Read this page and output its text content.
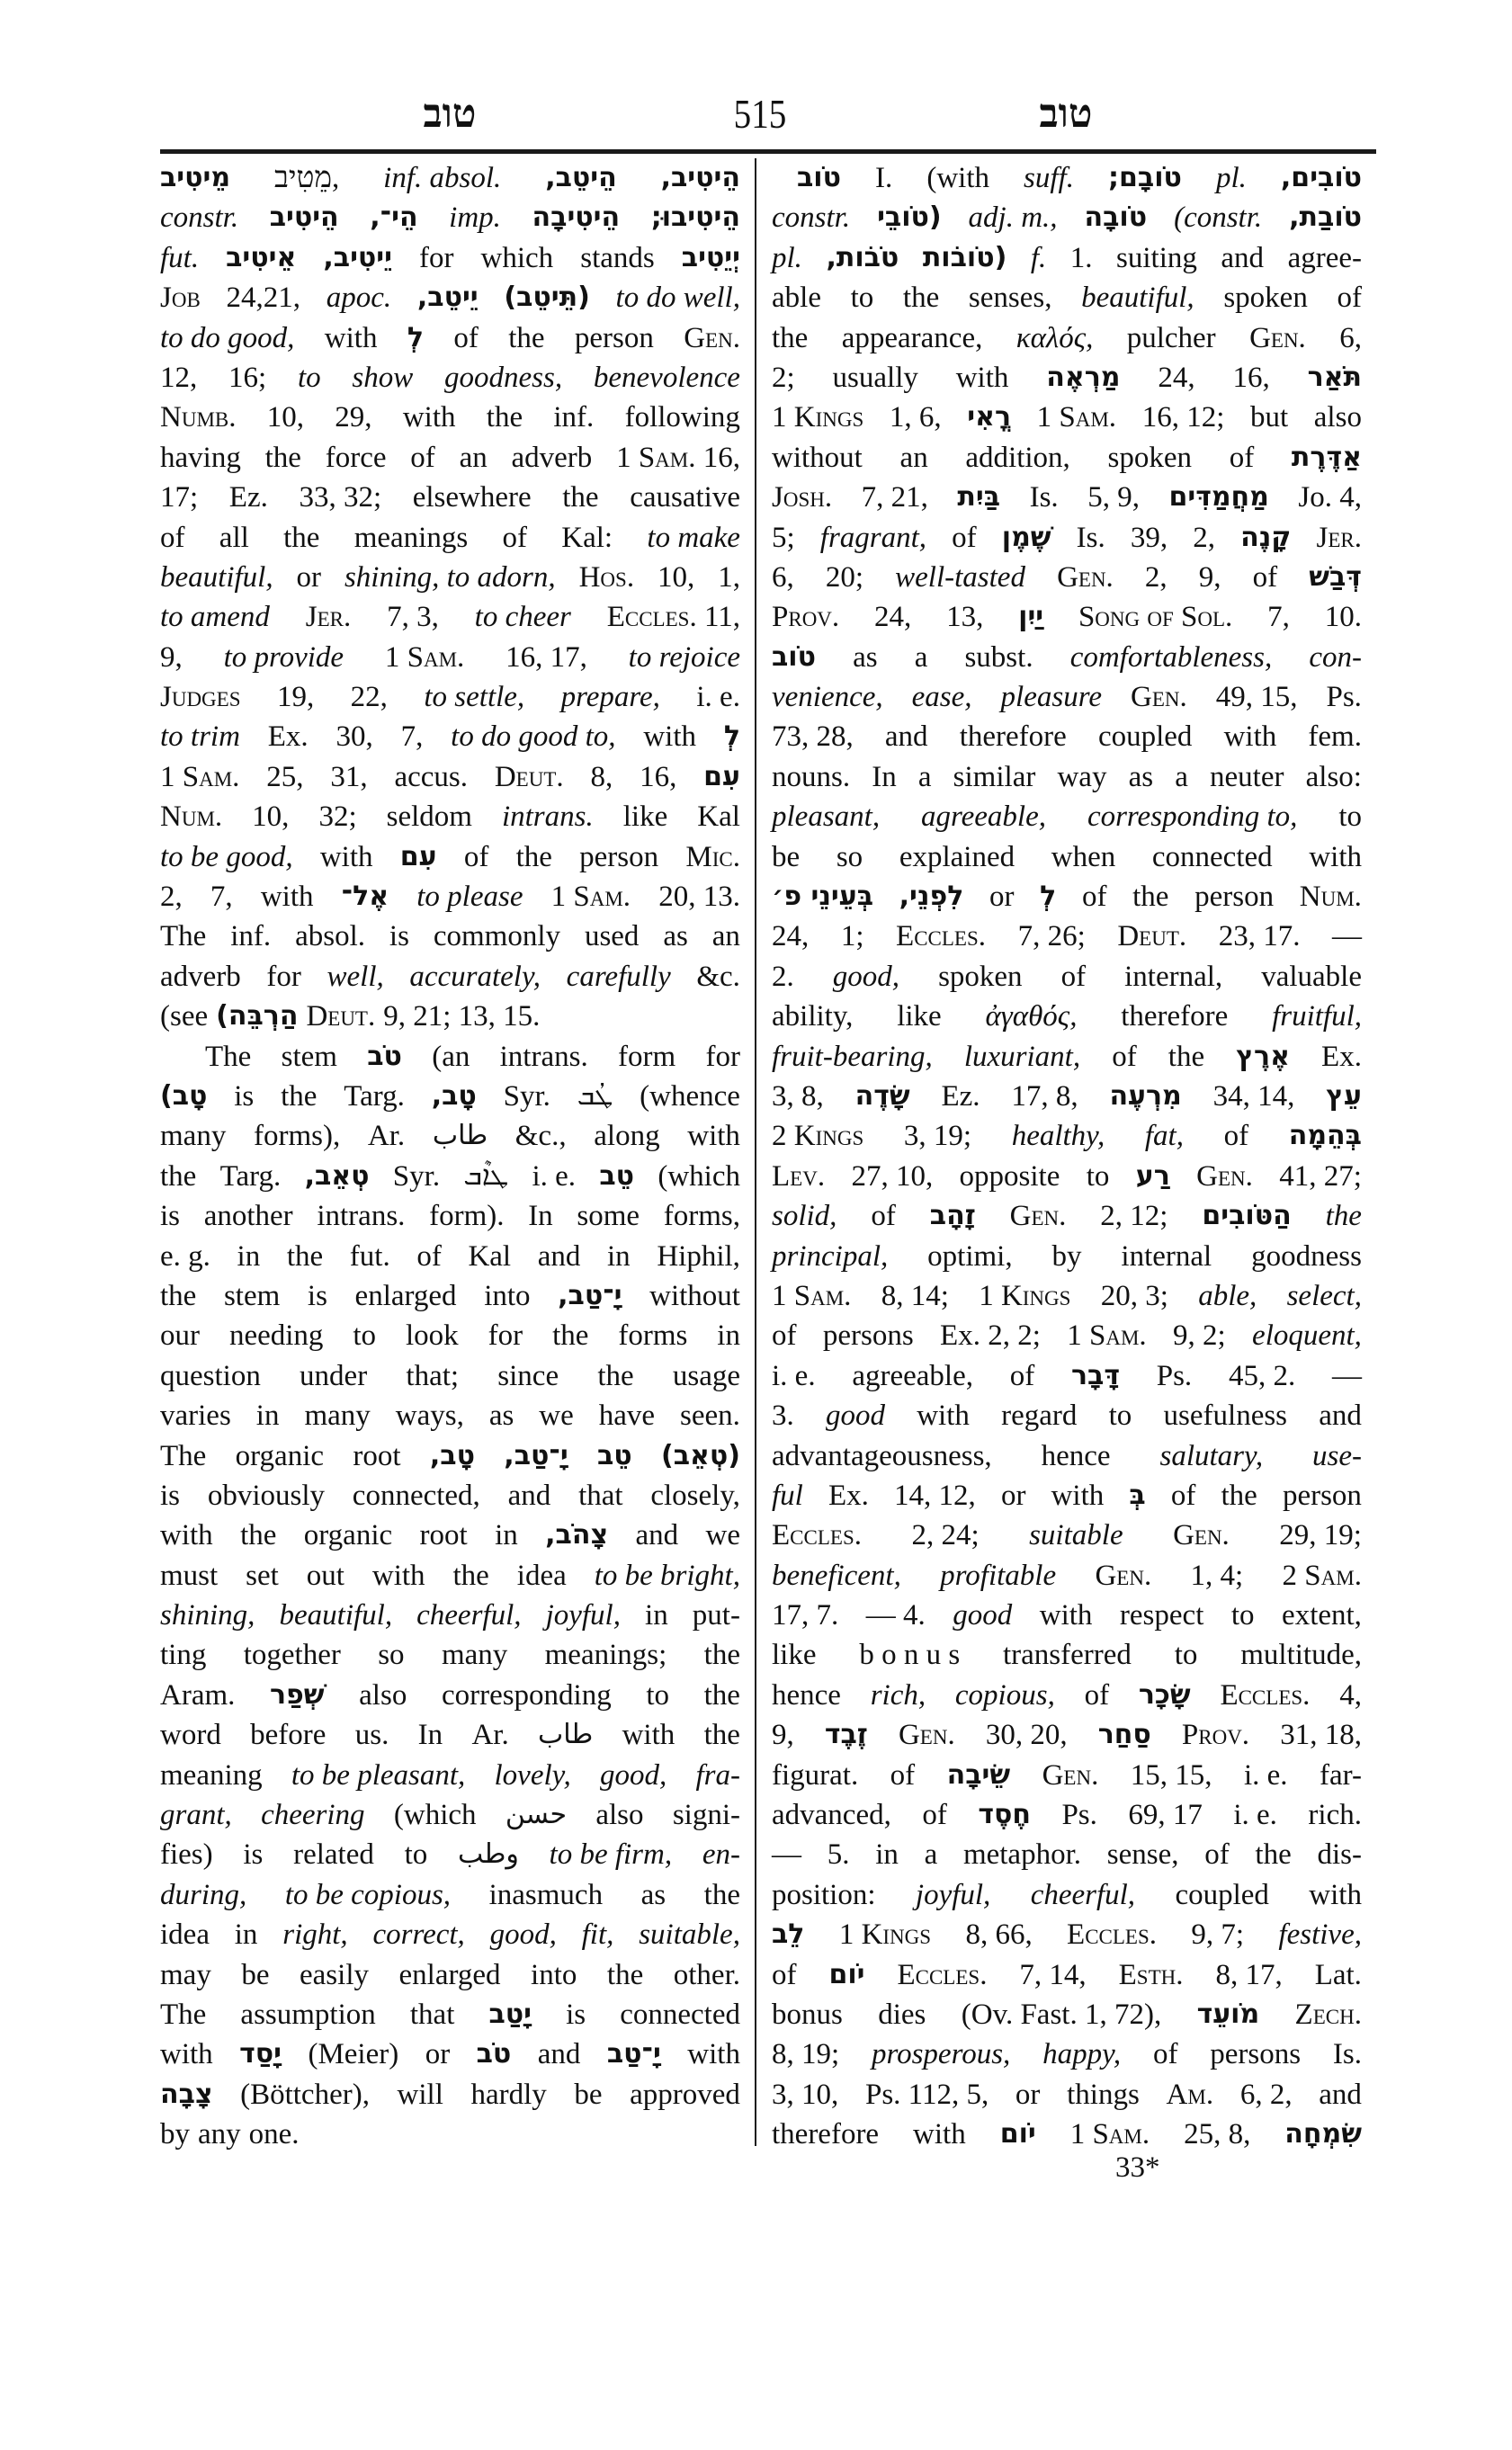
טוב	515	טוב
מֵיטִיב מֵטִיב, inf. absol. הֵיטֵב, הֵיטִיב,
constr. הֵיטִיב הֵי־, imp. הֵיטִיבָה הֵיטִיבוּ;
fut. אֵיטִיב יֵיטִיב, for which stands יְיֵטִיב
Job 24,21, apoc. יֵיטֵב, (תֵּיטֵב) to do well,
to do good, with לְ of the person Gen.
12, 16; to show goodness, benevolence
Numb. 10, 29, with the inf. following
having the force of an adverb 1 Sam. 16,
17; Ez. 33, 32; elsewhere the causative
of all the meanings of Kal: to make
beautiful, or shining, to adorn, Hos. 10, 1,
to amend Jer. 7, 3, to cheer Eccles. 11,
9, to provide 1 Sam. 16, 17, to rejoice
Judges 19, 22, to settle, prepare, i. e.
to trim Ex. 30, 7, to do good to, with לְ
1 Sam. 25, 31, accus. Deut. 8, 16, עִם
Num. 10, 32; seldom intrans. like Kal
to be good, with עִם of the person Mic.
2, 7, with אֶל־ to please 1 Sam. 20, 13.
The inf. absol. is commonly used as an
adverb for well, accurately, carefully &c.
(see הַרְבֵּה) Deut. 9, 21; 13, 15.
The stem טֹב (an intrans. form for
טָב) is the Targ. טָב, Syr. ܛܳܒ (whence
many forms), Ar. طاب &c., along with
the Targ. טְאֵב, Syr. ܛܐܶܒ i. e. טֵב (which
is another intrans. form). In some forms,
e. g. in the fut. of Kal and in Hiphil,
the stem is enlarged into יָ־טַב, without
our needing to look for the forms in
question under that; since the usage
varies in many ways, as we have seen.
The organic root טָב, יָ־טַב, טֵב (טְאֵב)
is obviously connected, and that closely,
with the organic root in צָהֹב, and we
must set out with the idea to be bright,
shining, beautiful, cheerful, joyful, in put-
ting together so many meanings; the
Aram. שְׁפַר also corresponding to the
word before us. In Ar. طاب with the
meaning to be pleasant, lovely, good, fra-
grant, cheering (which حسن also signi-
fies) is related to وطب to be firm, en-
during, to be copious, inasmuch as the
idea in right, correct, good, fit, suitable,
may be easily enlarged into the other.
The assumption that יָטַב is connected
with יָסַד (Meier) or טֹב and יָ־טַב with
צָבָה (Böttcher), will hardly be approved
by any one.
טֹוב I. (with suff. טֹובָם; pl. טֹובִים,
constr. (טֹובֵי adj. m., טֹובָה (constr. טֹובַת,
pl. טֹבֹות, (טֹובֹות f. 1. suiting and agree-
able to the senses, beautiful, spoken of
the appearance, καλός, pulcher Gen. 6,
2; usually with מַרְאֶה 24, 16, תֹּאַר
1 Kings 1, 6, רֳאִי 1 Sam. 16, 12; but also
without an addition, spoken of אַדֶּרֶת
Josh. 7, 21, בַּיִת Is. 5, 9, מַחֲמַדִּים Jo. 4,
5; fragrant, of שֶׁמֶן Is. 39, 2, קָנֶה Jer.
6, 20; well-tasted Gen. 2, 9, of דְּבַשׁ
Prov. 24, 13, יַיִן Song of Sol. 7, 10.
טֹוב as a subst. comfortableness, con-
venience, ease, pleasure Gen. 49, 15, Ps.
73, 28, and therefore coupled with fem.
nouns. In a similar way as a neuter also:
pleasant, agreeable, corresponding to, to
be so explained when connected with
בְּעֵינֵי פ׳ לִפְנֵי, or לְ of the person Num.
24, 1; Eccles. 7, 26; Deut. 23, 17. —
2. good, spoken of internal, valuable
ability, like ἀγαθός, therefore fruitful,
fruit-bearing, luxuriant, of the אֶרֶץ Ex.
3, 8, שָׂדֶה Ez. 17, 8, מִרְעֶה 34, 14, עֵץ
2 Kings 3, 19; healthy, fat, of בְּהֵמָה
Lev. 27, 10, opposite to רַע Gen. 41, 27;
solid, of זָהָב Gen. 2, 12; הַטֹּובִים the
principal, optimi, by internal goodness
1 Sam. 8, 14; 1 Kings 20, 3; able, select,
of persons Ex. 2, 2; 1 Sam. 9, 2; eloquent,
i. e. agreeable, of דָּבָר Ps. 45, 2. —
3. good with regard to usefulness and
advantageousness, hence salutary, use-
ful Ex. 14, 12, or with בְּ of the person
Eccles. 2, 24; suitable Gen. 29, 19;
beneficent, profitable Gen. 1, 4; 2 Sam.
17, 7. — 4. good with respect to extent,
like b o n u s transferred to multitude,
hence rich, copious, of שָׂכָר Eccles. 4,
9, זֶבֶד Gen. 30, 20, סַחַר Prov. 31, 18,
figurat. of שֵׂיבָה Gen. 15, 15, i. e. far-
advanced, of חֶסֶד Ps. 69, 17 i. e. rich.
— 5. in a metaphor. sense, of the dis-
position: joyful, cheerful, coupled with
לֵב 1 Kings 8, 66, Eccles. 9, 7; festive,
of יֹום Eccles. 7, 14, Esth. 8, 17, Lat.
bonus dies (Ov. Fast. 1, 72), מֹועֵד Zech.
8, 19; prosperous, happy, of persons Is.
3, 10, Ps. 112, 5, or things Am. 6, 2, and
therefore with יֹום 1 Sam. 25, 8, שִׂמְחָה
33*
